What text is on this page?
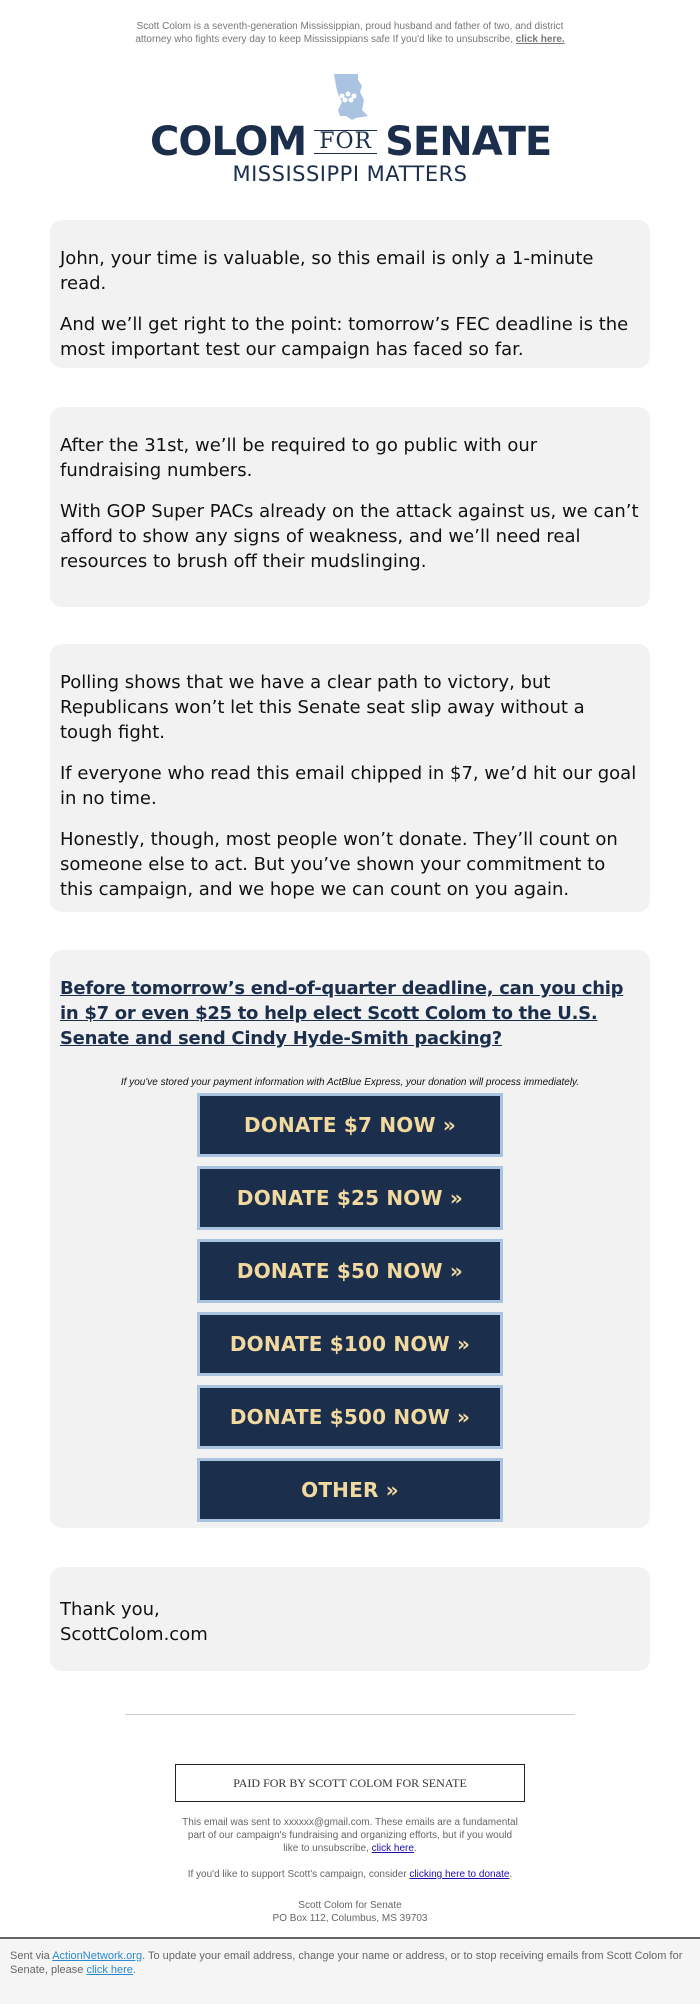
Scott Colom is a seventh-generation Mississippian, proud husband and father of two, and district attorney who fights every day to keep Mississippians safe If you'd like to unsubscribe, click here.
COLOM FOR SENATE
MISSISSIPPI MATTERS

John, your time is valuable, so this email is only a 1-minute read.

And we’ll get right to the point: tomorrow’s FEC deadline is the most important test our campaign has faced so far.

After the 31st, we’ll be required to go public with our fundraising numbers.

With GOP Super PACs already on the attack against us, we can’t afford to show any signs of weakness, and we’ll need real resources to brush off their mudslinging.

Polling shows that we have a clear path to victory, but Republicans won’t let this Senate seat slip away without a tough fight.

If everyone who read this email chipped in $7, we’d hit our goal in no time.

Honestly, though, most people won’t donate. They’ll count on someone else to act. But you’ve shown your commitment to this campaign, and we hope we can count on you again.

Before tomorrow’s end-of-quarter deadline, can you chip in $7 or even $25 to help elect Scott Colom to the U.S. Senate and send Cindy Hyde-Smith packing?
If you've stored your payment information with ActBlue Express, your donation will process immediately.
DONATE $7 NOW »
DONATE $25 NOW »
DONATE $50 NOW »
DONATE $100 NOW »
DONATE $500 NOW »
OTHER »
Thank you,
ScottColom.com
PAID FOR BY SCOTT COLOM FOR SENATE
This email was sent to xxxxxx@gmail.com. These emails are a fundamental part of our campaign's fundraising and organizing efforts, but if you would like to unsubscribe, click here.
If you'd like to support Scott's campaign, consider clicking here to donate.
Scott Colom for Senate
PO Box 112, Columbus, MS 39703
Sent via ActionNetwork.org. To update your email address, change your name or address, or to stop receiving emails from Scott Colom for Senate, please click here.
